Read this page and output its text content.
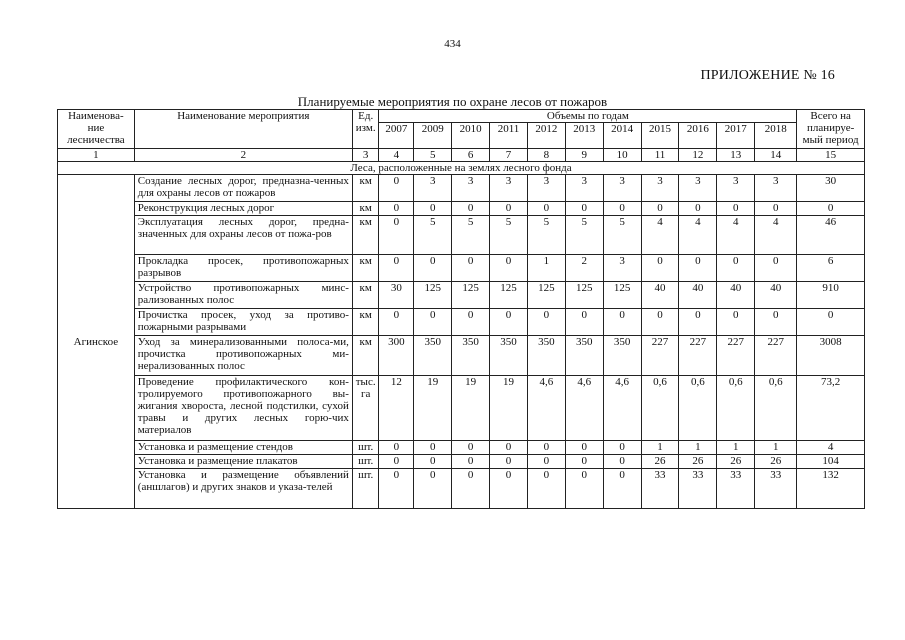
434
ПРИЛОЖЕНИЕ № 16
Планируемые мероприятия по охране лесов от пожаров
Наименова-ние лесничества	Наименование мероприятия	Ед. изм.	Объемы по годам											Всего на планируе-мый период
			2007	2009	2010	2011	2012	2013	2014	2015	2016	2017	2018	
1	2	3	4	5	6	7	8	9	10	11	12	13	14	15
Леса, расположенные на землях лесного фонда														
Агинское	Создание лесных дорог, предназна-ченных для охраны лесов от пожаров	км	0	3	3	3	3	3	3	3	3	3	3	30
	Реконструкция лесных дорог	км	0	0	0	0	0	0	0	0	0	0	0	0
	Эксплуатация лесных дорог, предна-значенных для охраны лесов от пожа-ров	км	0	5	5	5	5	5	5	4	4	4	4	46
	Прокладка просек, противопожарных разрывов	км	0	0	0	0	1	2	3	0	0	0	0	6
	Устройство противопожарных минс-рализованных полос	км	30	125	125	125	125	125	125	40	40	40	40	910
	Прочистка просек, уход за противо-пожарными разрывами	км	0	0	0	0	0	0	0	0	0	0	0	0
	Уход за минерализованными полоса-ми, прочистка противопожарных ми-нерализованных полос	км	300	350	350	350	350	350	350	227	227	227	227	3008
	Проведение профилактического кон-тролируемого противопожарного вы-жигания хвороста, лесной подстилки, сухой травы и других лесных горю-чих материалов	тыс. га	12	19	19	19	4,6	4,6	4,6	0,6	0,6	0,6	0,6	73,2
	Установка и размещение стендов	шт.	0	0	0	0	0	0	0	1	1	1	1	4
	Установка и размещение плакатов	шт.	0	0	0	0	0	0	0	26	26	26	26	104
	Установка и размещение объявлений (аншлагов) и других знаков и указа-телей	шт.	0	0	0	0	0	0	0	33	33	33	33	132
